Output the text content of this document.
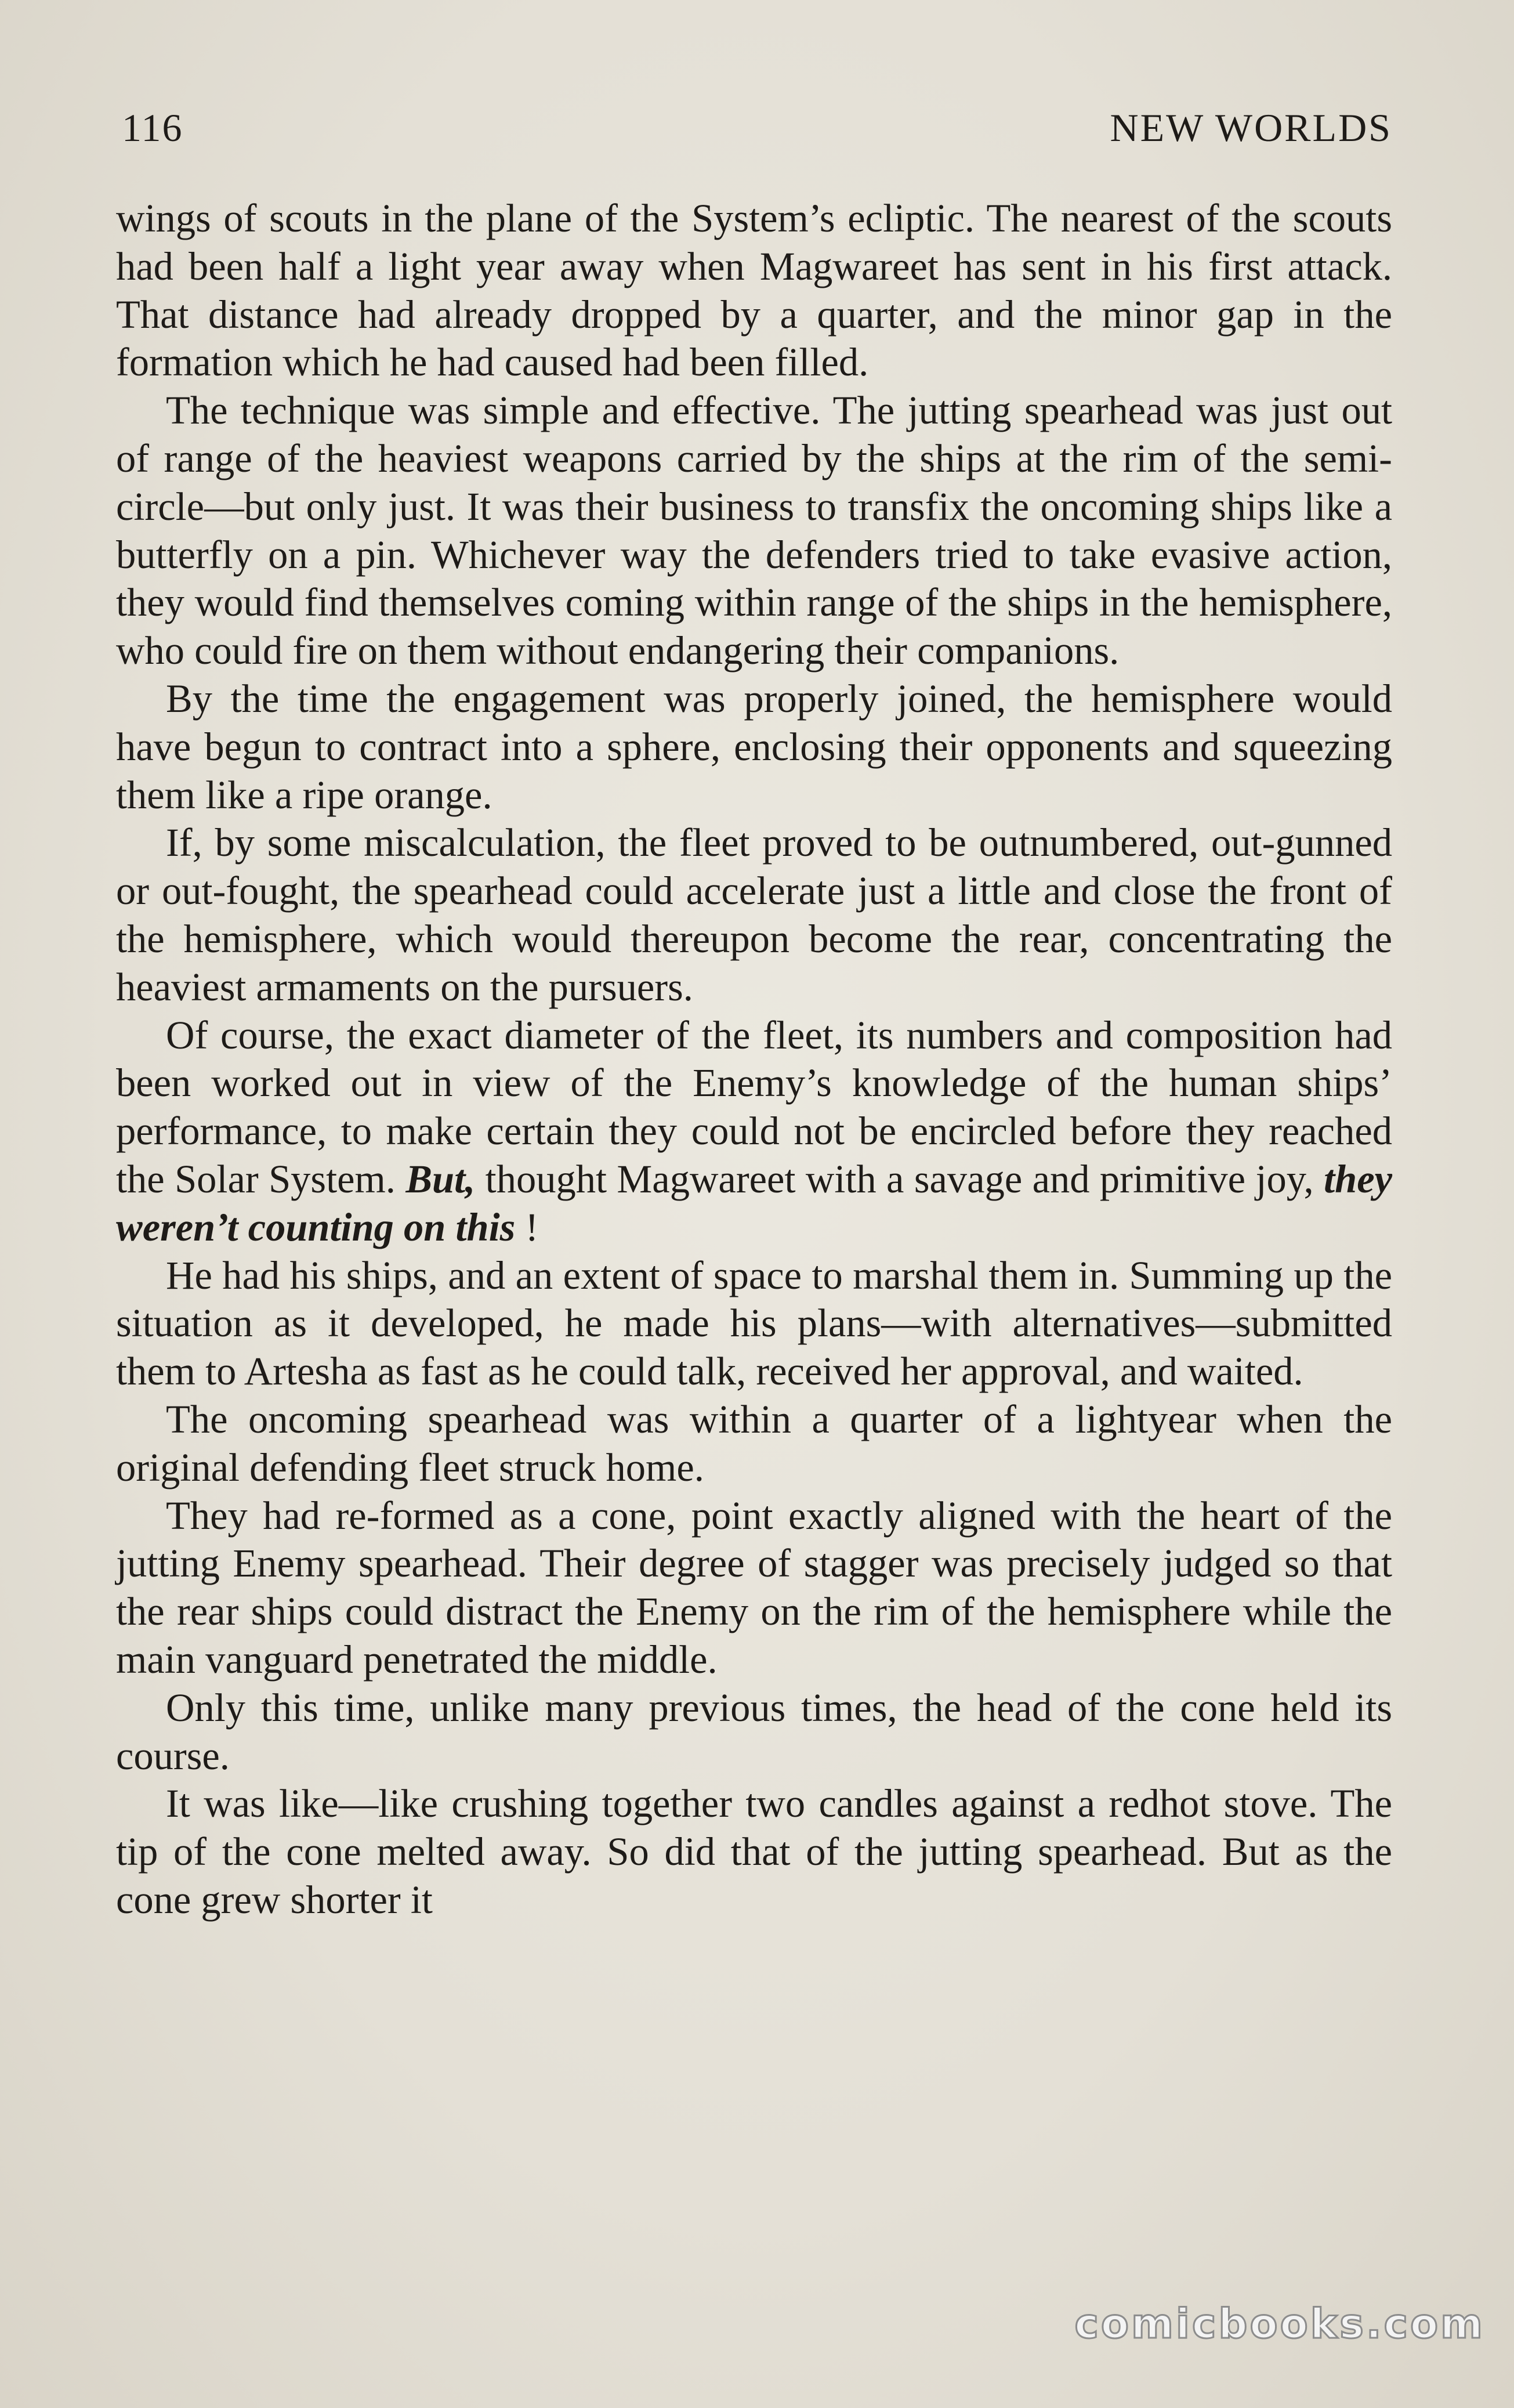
116	NEW WORLDS

wings of scouts in the plane of the System’s ecliptic. The nearest of the scouts had been half a light year away when Magwareet has sent in his first attack. That distance had already dropped by a quarter, and the minor gap in the formation which he had caused had been filled.

The technique was simple and effective. The jutting spearhead was just out of range of the heaviest weapons carried by the ships at the rim of the semi-circle—but only just. It was their business to transfix the oncoming ships like a butterfly on a pin. Whichever way the defenders tried to take evasive action, they would find themselves coming within range of the ships in the hemisphere, who could fire on them without endangering their companions.

By the time the engagement was properly joined, the hemisphere would have begun to contract into a sphere, enclosing their opponents and squeezing them like a ripe orange.

If, by some miscalculation, the fleet proved to be outnumbered, out-gunned or out-fought, the spearhead could accelerate just a little and close the front of the hemisphere, which would thereupon become the rear, concentrating the heaviest armaments on the pursuers.

Of course, the exact diameter of the fleet, its numbers and composition had been worked out in view of the Enemy’s knowledge of the human ships’ performance, to make certain they could not be encircled before they reached the Solar System. But, thought Magwareet with a savage and primitive joy, they weren’t counting on this !

He had his ships, and an extent of space to marshal them in. Summing up the situation as it developed, he made his plans—with alternatives—submitted them to Artesha as fast as he could talk, received her approval, and waited.

The oncoming spearhead was within a quarter of a lightyear when the original defending fleet struck home.

They had re-formed as a cone, point exactly aligned with the heart of the jutting Enemy spearhead. Their degree of stagger was precisely judged so that the rear ships could distract the Enemy on the rim of the hemisphere while the main vanguard penetrated the middle.

Only this time, unlike many previous times, the head of the cone held its course.

It was like—like crushing together two candles against a redhot stove. The tip of the cone melted away. So did that of the jutting spearhead. But as the cone grew shorter it

comicbooks.com
